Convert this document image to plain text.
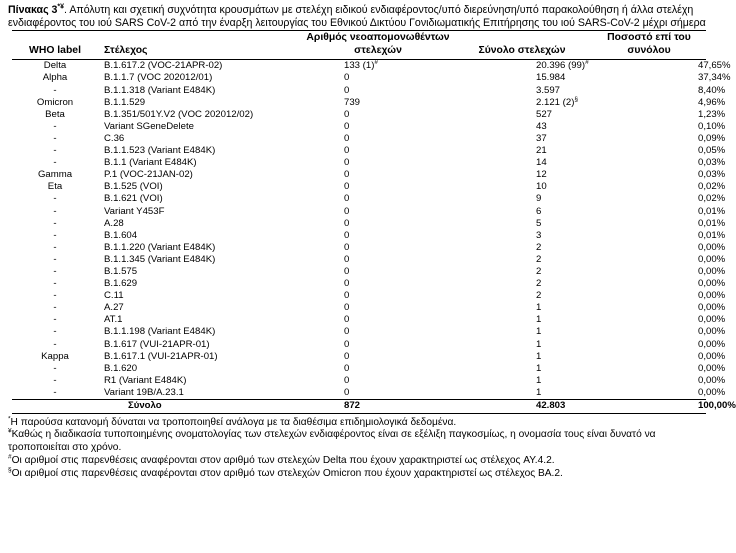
Πίνακας 3*¥. Απόλυτη και σχετική συχνότητα κρουσμάτων με στελέχη ειδικού ενδιαφέροντος/υπό διερεύνηση/υπό παρακολούθηση ή άλλα στελέχη ενδιαφέροντος του ιού SARS CoV-2 από την έναρξη λειτουργίας του Εθνικού Δικτύου Γονιδιωματικής Επιτήρησης του ιού SARS-CoV-2 μέχρι σήμερα

WHO label	Στέλεχος	Αριθμός νεοαπομονωθέντων στελεχών	Σύνολο στελεχών	Ποσοστό επί του συνόλου
Delta	B.1.617.2 (VOC-21APR-02)	133 (1)#	20.396 (99)#	47,65%
Alpha	B.1.1.7 (VOC 202012/01)	0	15.984	37,34%
-	B.1.1.318 (Variant E484K)	0	3.597	8,40%
Omicron	B.1.1.529	739	2.121 (2)§	4,96%
Beta	B.1.351/501Y.V2 (VOC 202012/02)	0	527	1,23%
-	Variant SGeneDelete	0	43	0,10%
-	C.36	0	37	0,09%
-	B.1.1.523 (Variant E484K)	0	21	0,05%
-	B.1.1 (Variant E484K)	0	14	0,03%
Gamma	P.1 (VOC-21JAN-02)	0	12	0,03%
Eta	B.1.525 (VOI)	0	10	0,02%
-	B.1.621 (VOI)	0	9	0,02%
-	Variant Y453F	0	6	0,01%
-	A.28	0	5	0,01%
-	B.1.604	0	3	0,01%
-	B.1.1.220 (Variant E484K)	0	2	0,00%
-	B.1.1.345 (Variant E484K)	0	2	0,00%
-	B.1.575	0	2	0,00%
-	B.1.629	0	2	0,00%
-	C.11	0	2	0,00%
-	A.27	0	1	0,00%
-	AT.1	0	1	0,00%
-	B.1.1.198 (Variant E484K)	0	1	0,00%
-	B.1.617 (VUI-21APR-01)	0	1	0,00%
Kappa	B.1.617.1 (VUI-21APR-01)	0	1	0,00%
-	B.1.620	0	1	0,00%
-	R1 (Variant E484K)	0	1	0,00%
-	Variant 19B/A.23.1	0	1	0,00%
	Σύνολο	872	42.803	100,00%

*Η παρούσα κατανομή δύναται να τροποποιηθεί ανάλογα με τα διαθέσιμα επιδημιολογικά δεδομένα.

¥Καθώς η διαδικασία τυποποιημένης ονοματολογίας των στελεχών ενδιαφέροντος είναι σε εξέλιξη παγκοσμίως, η ονομασία τους είναι δυνατό να τροποποιείται στο χρόνο.

#Οι αριθμοί στις παρενθέσεις αναφέρονται στον αριθμό των στελεχών Delta που έχουν χαρακτηριστεί ως στέλεχος AY.4.2.

§Οι αριθμοί στις παρενθέσεις αναφέρονται στον αριθμό των στελεχών Omicron που έχουν χαρακτηριστεί ως στέλεχος BA.2.
